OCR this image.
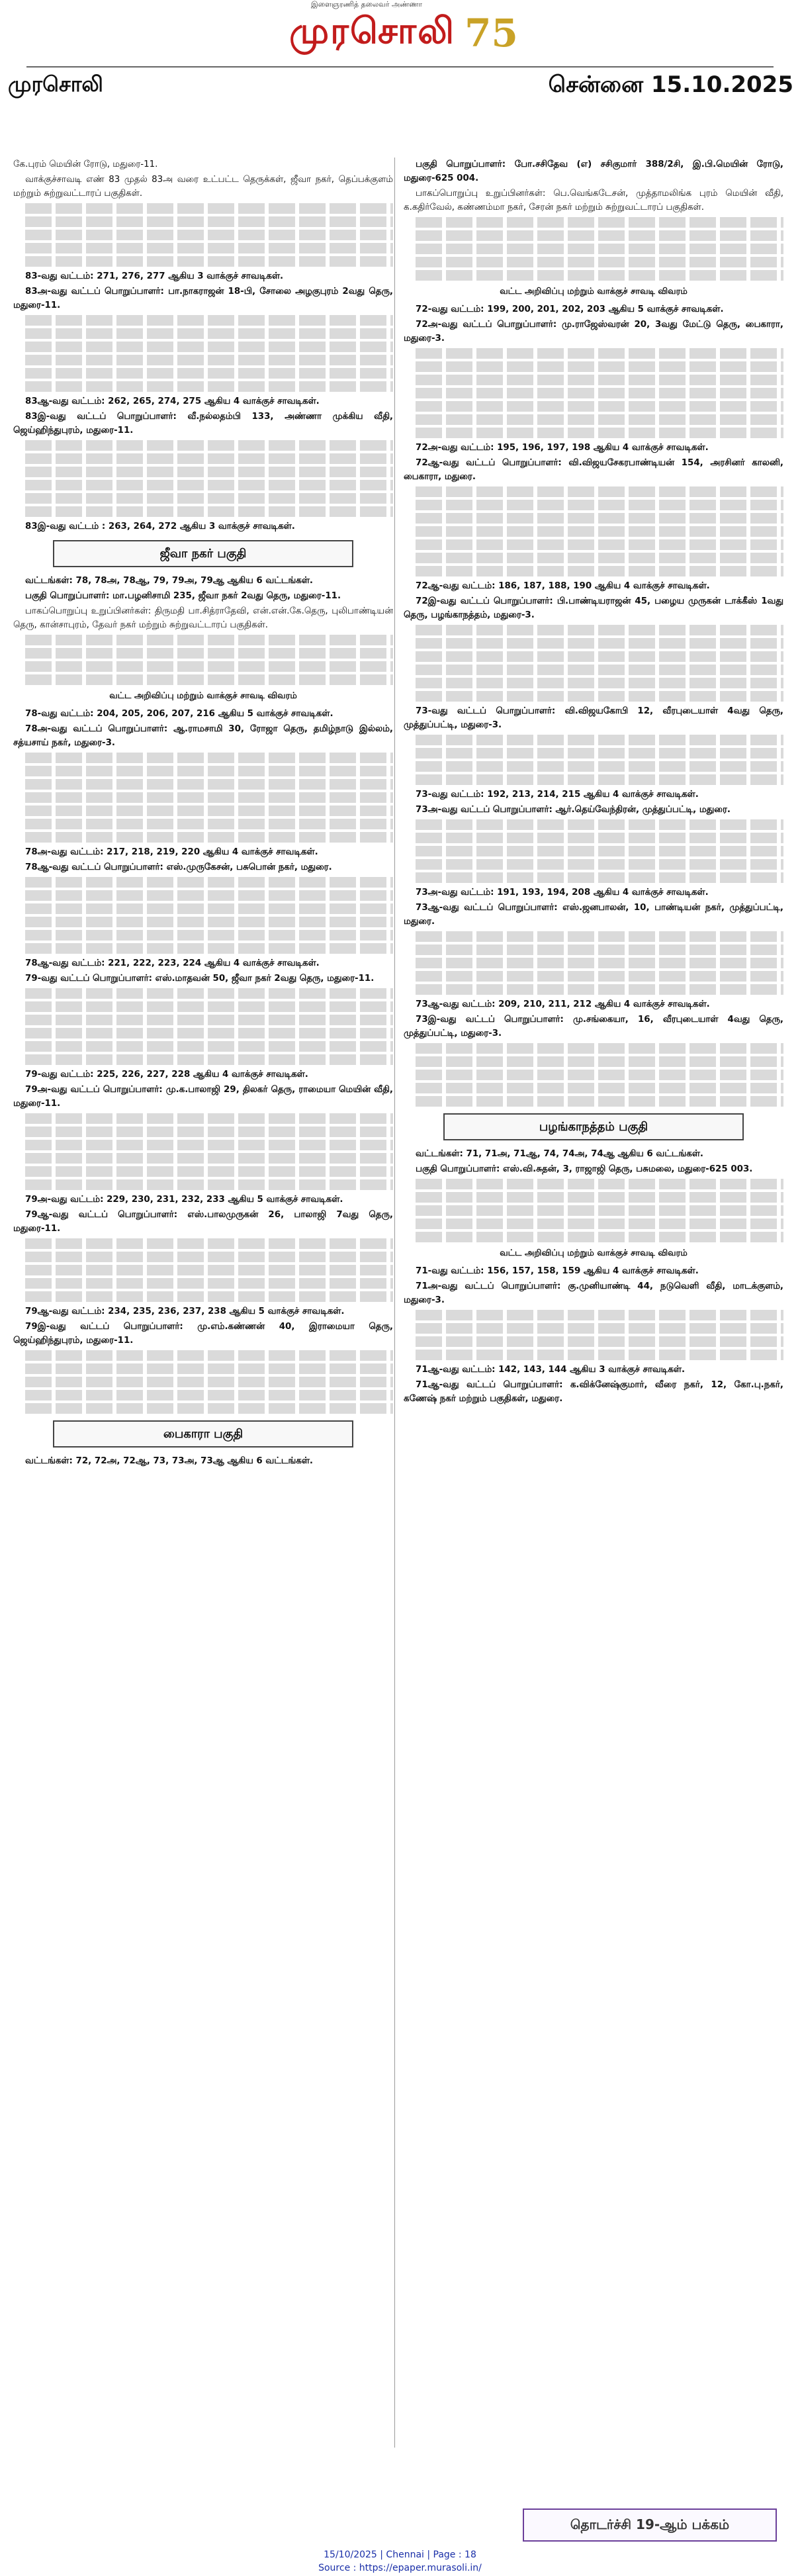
இளைஞரணித் தலைவர் அண்ணா
முரசொலி 75
முரசொலி	சென்னை 15.10.2025

கே.புரம் மெயின் ரோடு, மதுரை-11.

வாக்குச்சாவடி எண் 83 முதல் 83அ வரை உட்பட்ட தெருக்கள், ஜீவா நகர், தெப்பக்குளம் மற்றும் சுற்றுவட்டாரப் பகுதிகள்.

83-வது வட்டம்: 271, 276, 277 ஆகிய 3 வாக்குச் சாவடிகள்.

83அ-வது வட்டப் பொறுப்பாளர்: பா.நாகராஜன் 18-பி, சோலை அழகுபுரம் 2வது தெரு, மதுரை-11.

83ஆ-வது வட்டம்: 262, 265, 274, 275 ஆகிய 4 வாக்குச் சாவடிகள்.

83இ-வது வட்டப் பொறுப்பாளர்: வீ.நல்லதம்பி 133, அண்ணா முக்கிய வீதி, ஜெய்ஹிந்துபுரம், மதுரை-11.

83இ-வது வட்டம் : 263, 264, 272 ஆகிய 3 வாக்குச் சாவடிகள்.

ஜீவா நகர் பகுதி

வட்டங்கள்: 78, 78அ, 78ஆ, 79, 79அ, 79ஆ ஆகிய 6 வட்டங்கள்.

பகுதி பொறுப்பாளர்: மா.பழனிசாமி 235, ஜீவா நகர் 2வது தெரு, மதுரை-11.

பாகப்பொறுப்பு உறுப்பினர்கள்: திருமதி பா.சித்ராதேவி, என்.என்.கே.தெரு, புலிபாண்டியன் தெரு, கான்சாபுரம், தேவர் நகர் மற்றும் சுற்றுவட்டாரப் பகுதிகள்.

வட்ட அறிவிப்பு மற்றும் வாக்குச் சாவடி விவரம்

78-வது வட்டம்: 204, 205, 206, 207, 216 ஆகிய 5 வாக்குச் சாவடிகள்.

78அ-வது வட்டப் பொறுப்பாளர்: ஆ.ராமசாமி 30, ரோஜா தெரு, தமிழ்நாடு இல்லம், சத்யசாய் நகர், மதுரை-3.

78அ-வது வட்டம்: 217, 218, 219, 220 ஆகிய 4 வாக்குச் சாவடிகள்.

78ஆ-வது வட்டப் பொறுப்பாளர்: எஸ்.முருகேசன், பசுபொன் நகர், மதுரை.

78ஆ-வது வட்டம்: 221, 222, 223, 224 ஆகிய 4 வாக்குச் சாவடிகள்.

79-வது வட்டப் பொறுப்பாளர்: எஸ்.மாதவன் 50, ஜீவா நகர் 2வது தெரு, மதுரை-11.

79-வது வட்டம்: 225, 226, 227, 228 ஆகிய 4 வாக்குச் சாவடிகள்.

79அ-வது வட்டப் பொறுப்பாளர்: மு.க.பாலாஜி 29, திலகர் தெரு, ராமையா மெயின் வீதி, மதுரை-11.

79அ-வது வட்டம்: 229, 230, 231, 232, 233 ஆகிய 5 வாக்குச் சாவடிகள்.

79ஆ-வது வட்டப் பொறுப்பாளர்: எஸ்.பாலமுருகன் 26, பாலாஜி 7வது தெரு, மதுரை-11.

79ஆ-வது வட்டம்: 234, 235, 236, 237, 238 ஆகிய 5 வாக்குச் சாவடிகள்.

79இ-வது வட்டப் பொறுப்பாளர்: மு.எம்.கண்ணன் 40, இராமையா தெரு, ஜெய்ஹிந்துபுரம், மதுரை-11.

பைகாரா பகுதி

வட்டங்கள்: 72, 72அ, 72ஆ, 73, 73அ, 73ஆ ஆகிய 6 வட்டங்கள்.

பகுதி பொறுப்பாளர்: போ.சசிதேவ (எ) சசிகுமார் 388/2சி, இ.பி.மெயின் ரோடு, மதுரை-625 004.

பாகப்பொறுப்பு உறுப்பினர்கள்: பெ.வெங்கடேசன், முத்தாமலிங்க புரம் மெயின் வீதி, க.கதிர்வேல், கண்ணம்மா நகர், சேரன் நகர் மற்றும் சுற்றுவட்டாரப் பகுதிகள்.

வட்ட அறிவிப்பு மற்றும் வாக்குச் சாவடி விவரம்

72-வது வட்டம்: 199, 200, 201, 202, 203 ஆகிய 5 வாக்குச் சாவடிகள்.

72அ-வது வட்டப் பொறுப்பாளர்: மு.ராஜேஸ்வரன் 20, 3வது மேட்டு தெரு, பைகாரா, மதுரை-3.

72அ-வது வட்டம்: 195, 196, 197, 198 ஆகிய 4 வாக்குச் சாவடிகள்.

72ஆ-வது வட்டப் பொறுப்பாளர்: வி.விஜயசேகரபாண்டியன் 154, அரசினர் காலனி, பைகாரா, மதுரை.

72ஆ-வது வட்டம்: 186, 187, 188, 190 ஆகிய 4 வாக்குச் சாவடிகள்.

72இ-வது வட்டப் பொறுப்பாளர்: பி.பாண்டியராஜன் 45, பழைய முருகன் டாக்கீஸ் 1வது தெரு, பழங்காநத்தம், மதுரை-3.

73-வது வட்டப் பொறுப்பாளர்: வி.விஜயகோபி 12, வீரபுடையாள் 4வது தெரு, முத்துப்பட்டி, மதுரை-3.

73-வது வட்டம்: 192, 213, 214, 215 ஆகிய 4 வாக்குச் சாவடிகள்.

73அ-வது வட்டப் பொறுப்பாளர்: ஆர்.தெய்வேந்திரன், முத்துப்பட்டி, மதுரை.

73அ-வது வட்டம்: 191, 193, 194, 208 ஆகிய 4 வாக்குச் சாவடிகள்.

73ஆ-வது வட்டப் பொறுப்பாளர்: எஸ்.ஜனபாலன், 10, பாண்டியன் நகர், முத்துப்பட்டி, மதுரை.

73ஆ-வது வட்டம்: 209, 210, 211, 212 ஆகிய 4 வாக்குச் சாவடிகள்.

73இ-வது வட்டப் பொறுப்பாளர்: மு.சங்கையா, 16, வீரபுடையாள் 4வது தெரு, முத்துப்பட்டி, மதுரை-3.

பழங்காநத்தம் பகுதி

வட்டங்கள்: 71, 71அ, 71ஆ, 74, 74அ, 74ஆ ஆகிய 6 வட்டங்கள்.

பகுதி பொறுப்பாளர்: எஸ்.வி.சுதன், 3, ராஜாஜி தெரு, பசுமலை, மதுரை-625 003.

வட்ட அறிவிப்பு மற்றும் வாக்குச் சாவடி விவரம்

71-வது வட்டம்: 156, 157, 158, 159 ஆகிய 4 வாக்குச் சாவடிகள்.

71அ-வது வட்டப் பொறுப்பாளர்: கு.முனியாண்டி 44, நடுவெளி வீதி, மாடக்குளம், மதுரை-3.

71ஆ-வது வட்டம்: 142, 143, 144 ஆகிய 3 வாக்குச் சாவடிகள்.

71ஆ-வது வட்டப் பொறுப்பாளர்: க.விக்னேஷ்குமார், வீரை நகர், 12, கோ.பு.நகர், கணேஷ் நகர் மற்றும் பகுதிகள், மதுரை.

தொடர்ச்சி 19-ஆம் பக்கம்
15/10/2025 | Chennai | Page : 18
Source : https://epaper.murasoli.in/
